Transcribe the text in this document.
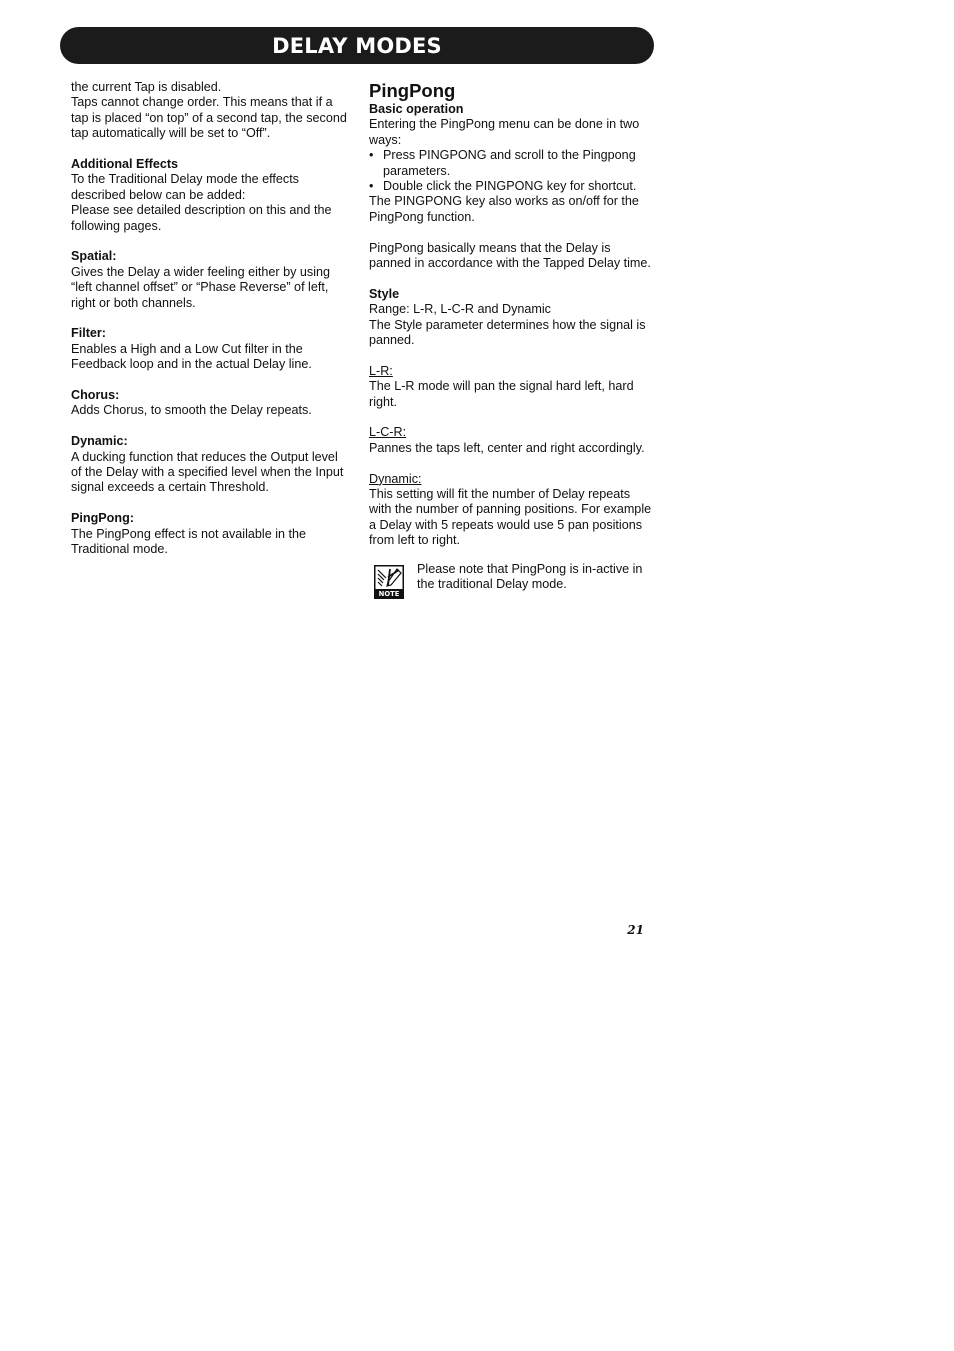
DELAY MODES

the current Tap is disabled.

Taps cannot change order. This means that if a tap is placed “on top” of a second tap, the second tap automatically will be set to “Off”.

Additional Effects

To the Traditional Delay mode the effects described below can be added:

Please see detailed description on this and the following pages.

Spatial:

Gives the Delay a wider feeling either by using “left channel offset” or “Phase Reverse” of left, right or both channels.

Filter:

Enables a High and a Low Cut filter in the Feedback loop and in the actual Delay line.

Chorus:

Adds Chorus, to smooth the Delay repeats.

Dynamic:

A ducking function that reduces the Output level of the Delay with a specified level when the Input signal exceeds a certain Threshold.

PingPong:

The PingPong effect is not available in the Traditional mode.

PingPong

Basic operation

Entering the PingPong menu can be done in two ways:

• Press PINGPONG and scroll to the Pingpong parameters.
• Double click the PINGPONG key for shortcut.

The PINGPONG key also works as on/off for the PingPong function.

PingPong basically means that the Delay is panned in accordance with the Tapped Delay time.

Style

Range: L-R, L-C-R and Dynamic

The Style parameter determines how the signal is panned.

L-R:

The L-R mode will pan the signal hard left, hard right.

L-C-R:

Pannes the taps left, center and right accordingly.

Dynamic:

This setting will fit the number of Delay repeats with the number of panning positions. For example a Delay with 5 repeats would use 5 pan positions from left to right.

NOTE

Please note that PingPong is in-active in the traditional Delay mode.

21
